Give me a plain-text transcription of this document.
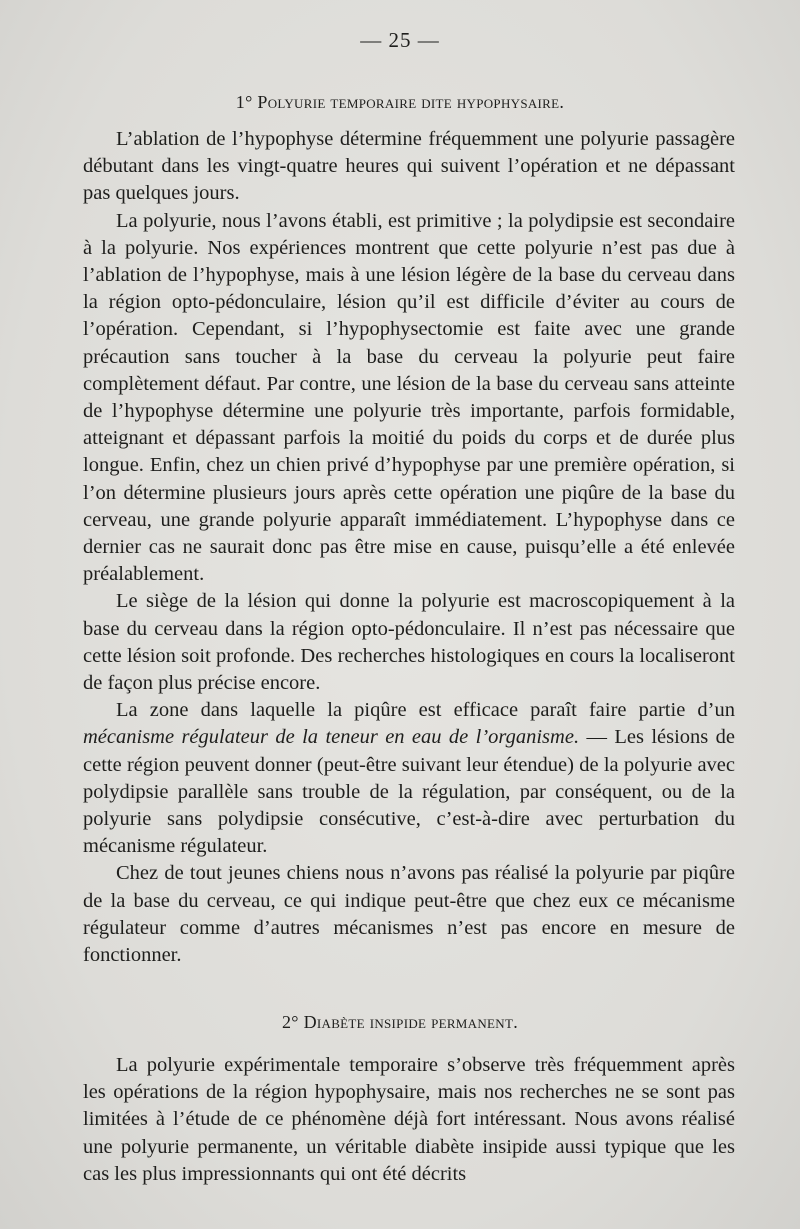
— 25 —
1° Polyurie temporaire dite hypophysaire.

L’ablation de l’hypophyse détermine fréquemment une polyurie passagère débutant dans les vingt-quatre heures qui suivent l’opération et ne dépassant pas quelques jours.

La polyurie, nous l’avons établi, est primitive ; la polydipsie est secondaire à la polyurie. Nos expériences montrent que cette polyurie n’est pas due à l’ablation de l’hypophyse, mais à une lésion légère de la base du cerveau dans la région opto-pédonculaire, lésion qu’il est difficile d’éviter au cours de l’opération. Cependant, si l’hypophysectomie est faite avec une grande précaution sans toucher à la base du cerveau la polyurie peut faire complètement défaut. Par contre, une lésion de la base du cerveau sans atteinte de l’hypophyse détermine une polyurie très importante, parfois formidable, atteignant et dépassant parfois la moitié du poids du corps et de durée plus longue. Enfin, chez un chien privé d’hypophyse par une première opération, si l’on détermine plusieurs jours après cette opération une piqûre de la base du cerveau, une grande polyurie apparaît immédiatement. L’hypophyse dans ce dernier cas ne saurait donc pas être mise en cause, puisqu’elle a été enlevée préalablement.

Le siège de la lésion qui donne la polyurie est macroscopiquement à la base du cerveau dans la région opto-pédonculaire. Il n’est pas nécessaire que cette lésion soit profonde. Des recherches histologiques en cours la localiseront de façon plus précise encore.

La zone dans laquelle la piqûre est efficace paraît faire partie d’un mécanisme régulateur de la teneur en eau de l’organisme. — Les lésions de cette région peuvent donner (peut-être suivant leur étendue) de la polyurie avec polydipsie parallèle sans trouble de la régulation, par conséquent, ou de la polyurie sans polydipsie consécutive, c’est-à-dire avec perturbation du mécanisme régulateur.

Chez de tout jeunes chiens nous n’avons pas réalisé la polyurie par piqûre de la base du cerveau, ce qui indique peut-être que chez eux ce mécanisme régulateur comme d’autres mécanismes n’est pas encore en mesure de fonctionner.

2° Diabète insipide permanent.

La polyurie expérimentale temporaire s’observe très fréquemment après les opérations de la région hypophysaire, mais nos recherches ne se sont pas limitées à l’étude de ce phénomène déjà fort intéressant. Nous avons réalisé une polyurie permanente, un véritable diabète insipide aussi typique que les cas les plus impressionnants qui ont été décrits
